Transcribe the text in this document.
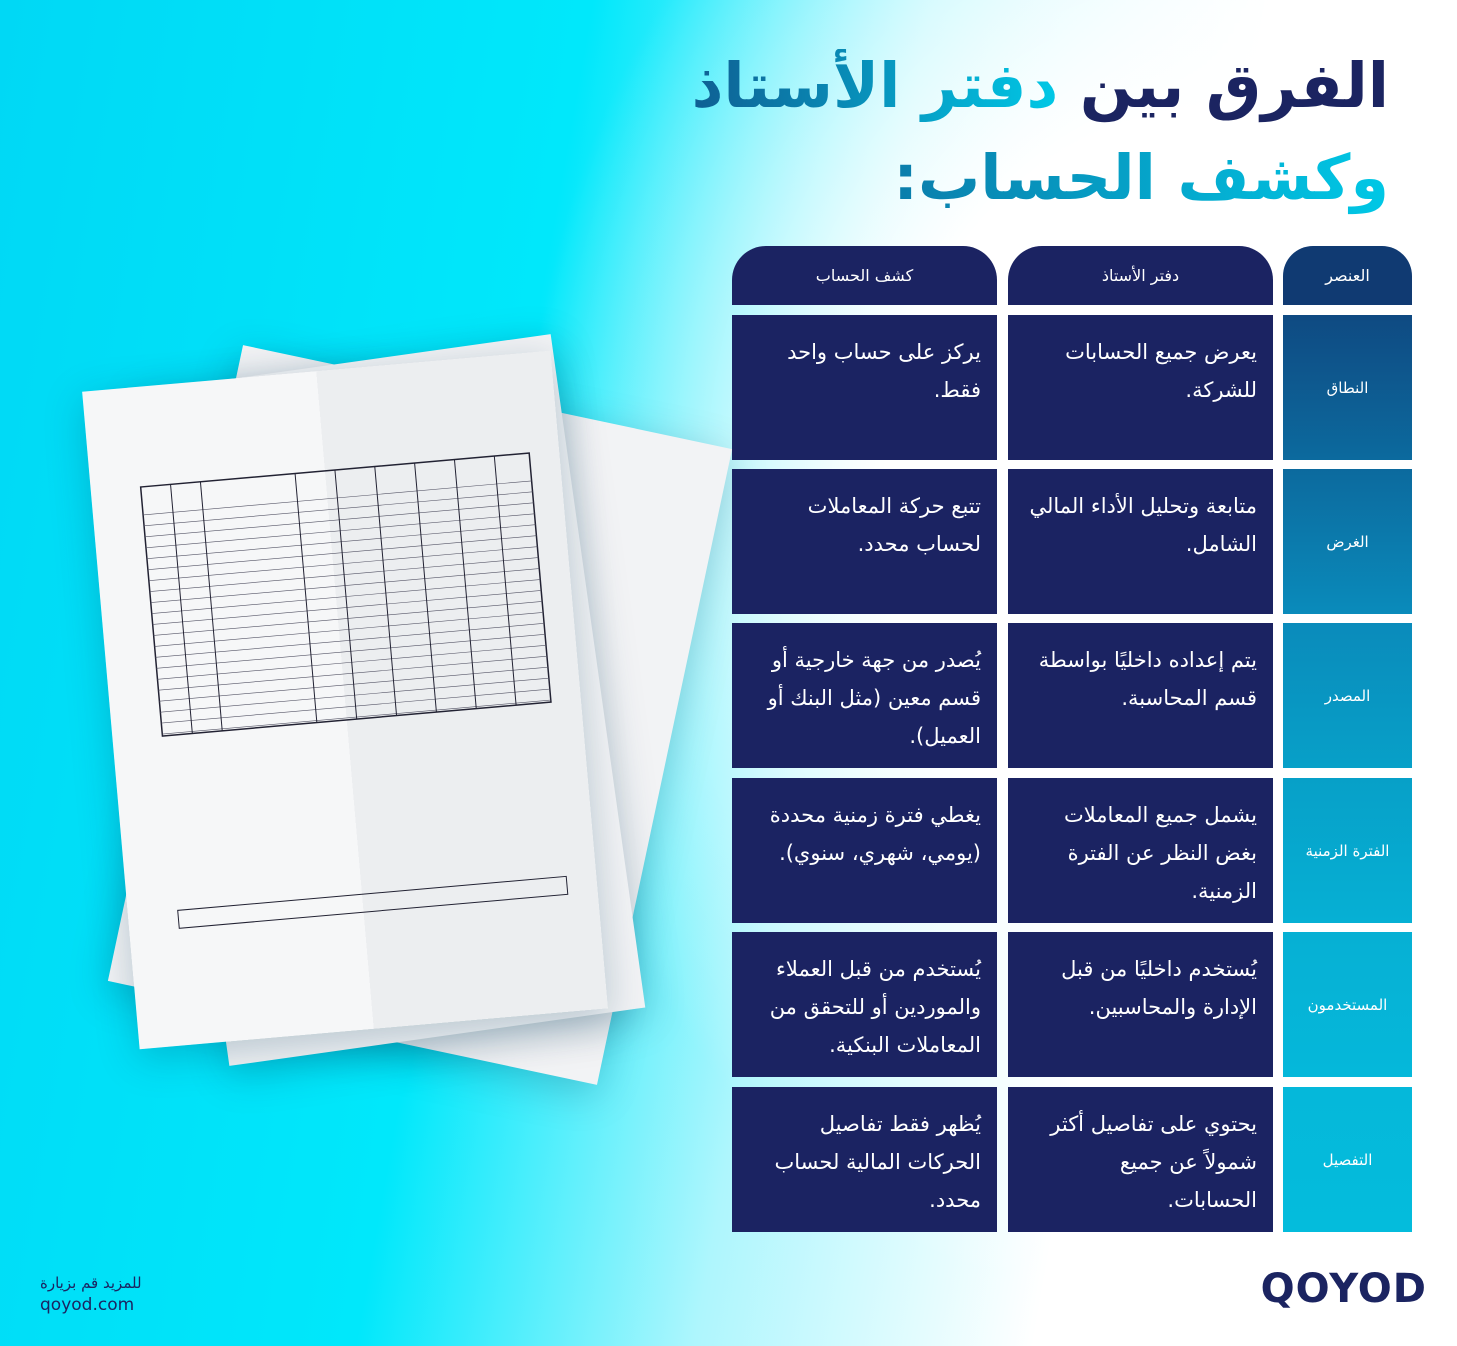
الفرق بين دفتر الأستاذ
وكشف الحساب:
العنصر
دفتر الأستاذ
كشف الحساب
النطاق
يعرض جميع الحسابات للشركة.
يركز على حساب واحد فقط.
الغرض
متابعة وتحليل الأداء المالي الشامل.
تتبع حركة المعاملات لحساب محدد.
المصدر
يتم إعداده داخليًا بواسطة قسم المحاسبة.
يُصدر من جهة خارجية أو قسم معين (مثل البنك أو العميل).
الفترة الزمنية
يشمل جميع المعاملات بغض النظر عن الفترة الزمنية.
يغطي فترة زمنية محددة (يومي، شهري، سنوي).
المستخدمون
يُستخدم داخليًا من قبل الإدارة والمحاسبين.
يُستخدم من قبل العملاء والموردين أو للتحقق من المعاملات البنكية.
التفصيل
يحتوي على تفاصيل أكثر شمولاً عن جميع الحسابات.
يُظهر فقط تفاصيل الحركات المالية لحساب محدد.
للمزيد قم بزيارة
qoyod.com	QOYOD
